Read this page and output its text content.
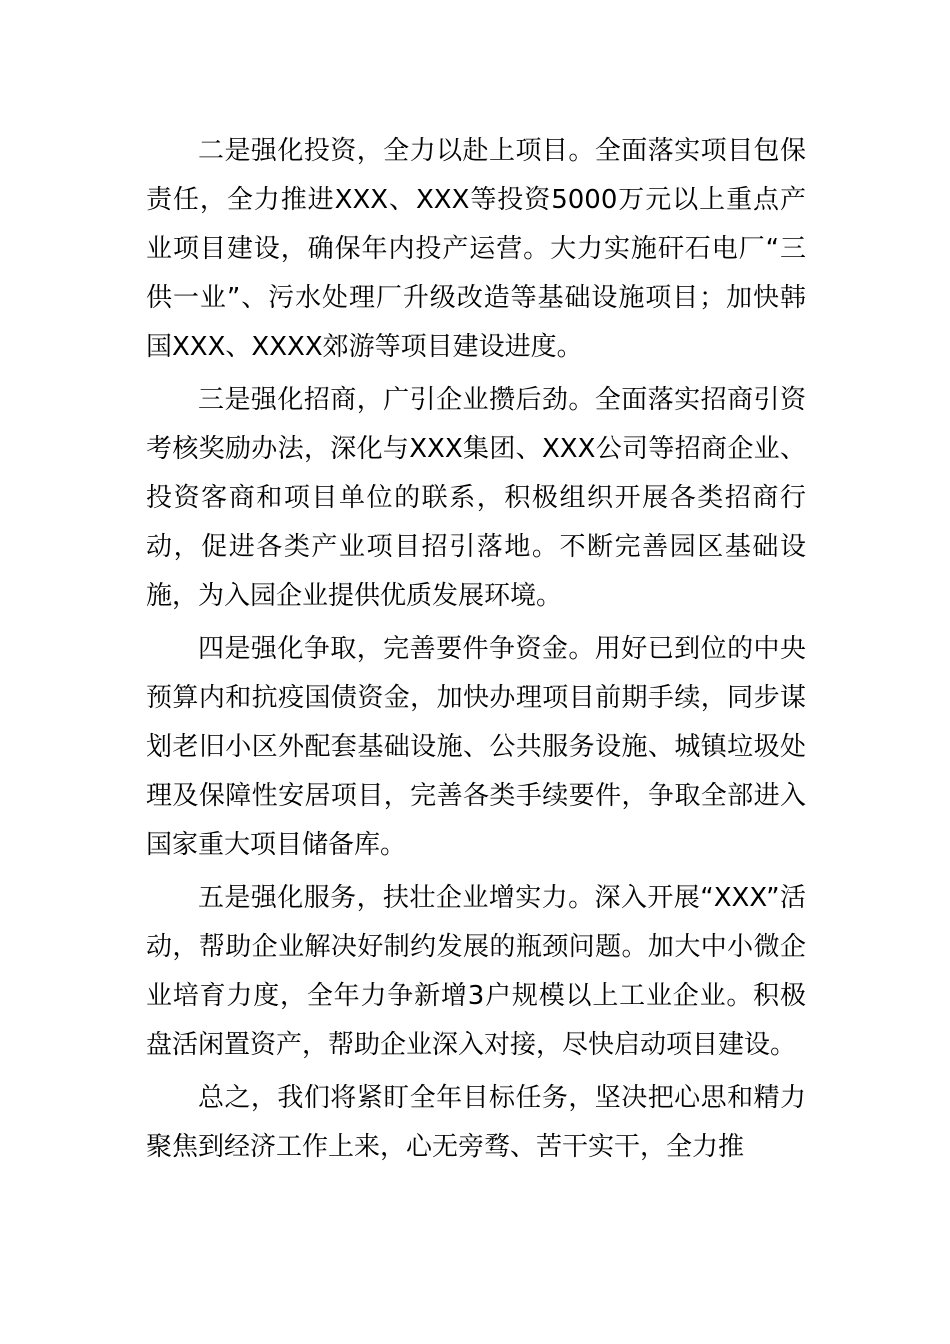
二是强化投资，全力以赴上项目。全面落实项目包保责任，全力推进XXX、XXX等投资5000万元以上重点产业项目建设，确保年内投产运营。大力实施矸石电厂“三供一业”、污水处理厂升级改造等基础设施项目；加快韩国XXX、XXXX郊游等项目建设进度。

三是强化招商，广引企业攒后劲。全面落实招商引资考核奖励办法，深化与XXX集团、XXX公司等招商企业、投资客商和项目单位的联系，积极组织开展各类招商行动，促进各类产业项目招引落地。不断完善园区基础设施，为入园企业提供优质发展环境。

四是强化争取，完善要件争资金。用好已到位的中央预算内和抗疫国债资金，加快办理项目前期手续，同步谋划老旧小区外配套基础设施、公共服务设施、城镇垃圾处理及保障性安居项目，完善各类手续要件，争取全部进入国家重大项目储备库。

五是强化服务，扶壮企业增实力。深入开展“XXX”活动，帮助企业解决好制约发展的瓶颈问题。加大中小微企业培育力度，全年力争新增3户规模以上工业企业。积极盘活闲置资产，帮助企业深入对接，尽快启动项目建设。

总之，我们将紧盯全年目标任务，坚决把心思和精力聚焦到经济工作上来，心无旁骛、苦干实干，全力推
